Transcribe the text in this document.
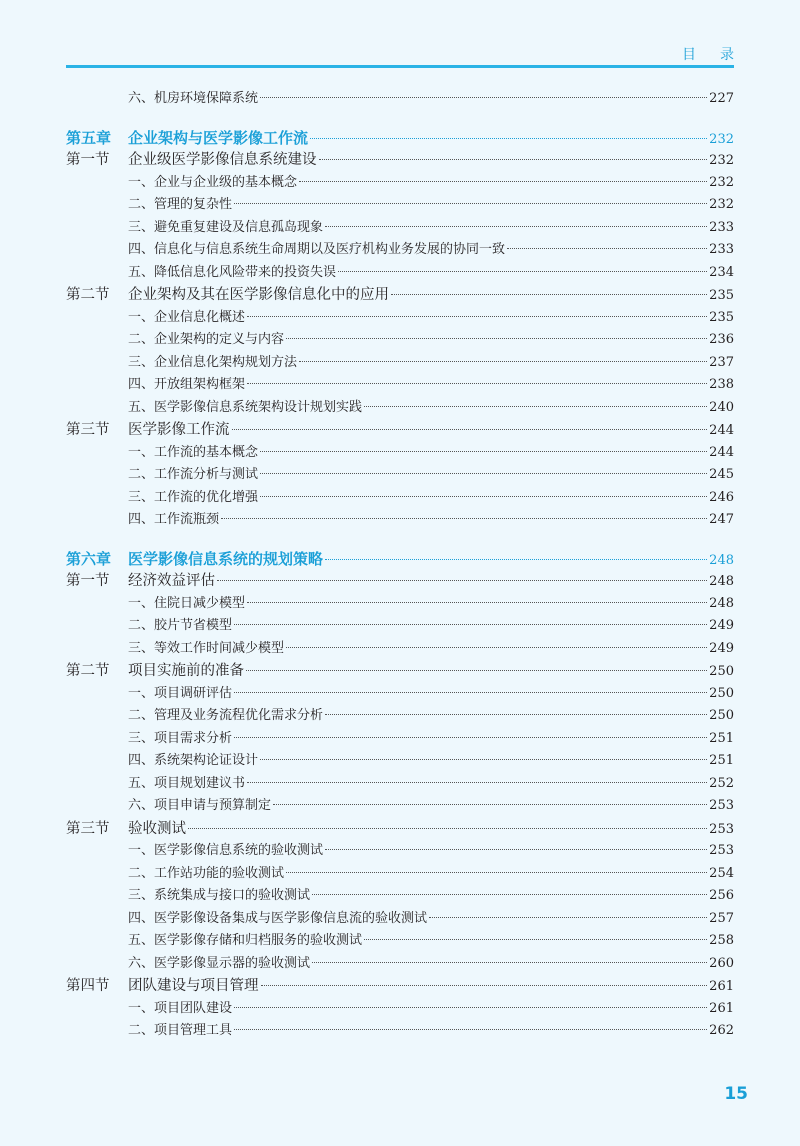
目 录
六、机房环境保障系统	227
第五章	企业架构与医学影像工作流	232
第一节	企业级医学影像信息系统建设	232
一、企业与企业级的基本概念	232
二、管理的复杂性	232
三、避免重复建设及信息孤岛现象	233
四、信息化与信息系统生命周期以及医疗机构业务发展的协同一致	233
五、降低信息化风险带来的投资失误	234
第二节	企业架构及其在医学影像信息化中的应用	235
一、企业信息化概述	235
二、企业架构的定义与内容	236
三、企业信息化架构规划方法	237
四、开放组架构框架	238
五、医学影像信息系统架构设计规划实践	240
第三节	医学影像工作流	244
一、工作流的基本概念	244
二、工作流分析与测试	245
三、工作流的优化增强	246
四、工作流瓶颈	247
第六章	医学影像信息系统的规划策略	248
第一节	经济效益评估	248
一、住院日减少模型	248
二、胶片节省模型	249
三、等效工作时间减少模型	249
第二节	项目实施前的准备	250
一、项目调研评估	250
二、管理及业务流程优化需求分析	250
三、项目需求分析	251
四、系统架构论证设计	251
五、项目规划建议书	252
六、项目申请与预算制定	253
第三节	验收测试	253
一、医学影像信息系统的验收测试	253
二、工作站功能的验收测试	254
三、系统集成与接口的验收测试	256
四、医学影像设备集成与医学影像信息流的验收测试	257
五、医学影像存储和归档服务的验收测试	258
六、医学影像显示器的验收测试	260
第四节	团队建设与项目管理	261
一、项目团队建设	261
二、项目管理工具	262
15
